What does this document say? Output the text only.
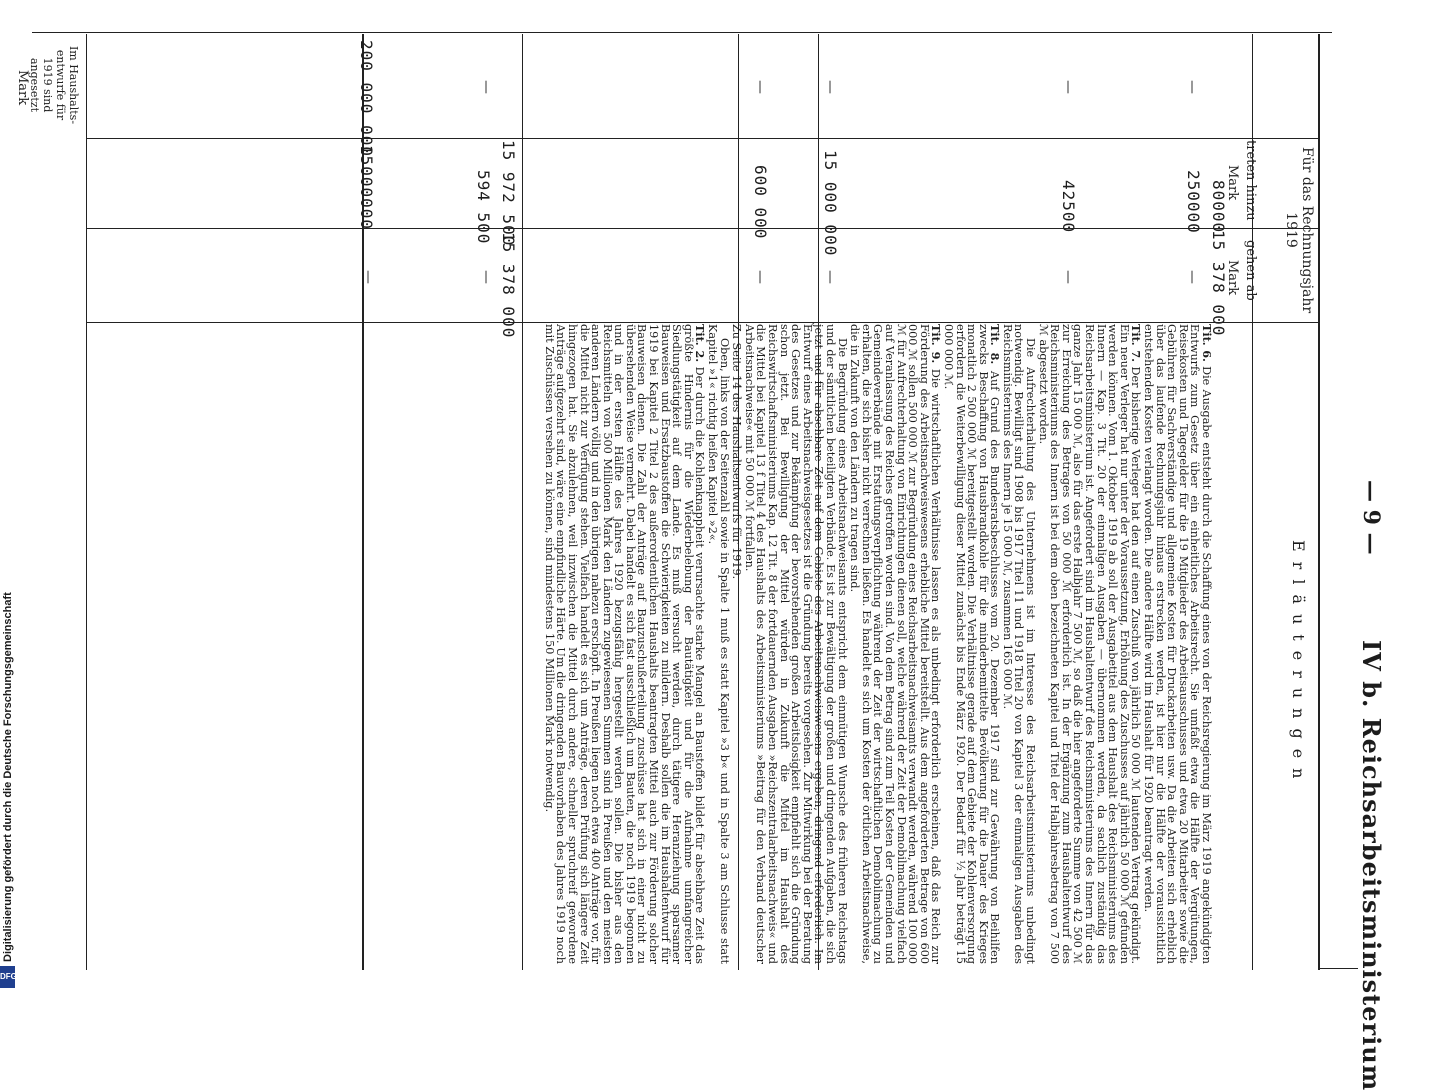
Im Haushalts-entwurfe für 1919 sind angesetzt
Mark
Für das Rechnungsjahr 1919
treten hinzu
Mark
gehen ab
Mark
80000
250000
15 378 000
—
—
42500
—
—
15 000 000
—
—
600 000
—
—
15 972 500
594 500
15 378 000
—
—
200 000 000
15000000
—
— 9 —
IV b. Reichsarbeitsministerium
Erläuterungen

Tit. 6. Die Ausgabe entsteht durch die Schaffung eines von der Reichsregierung im März 1919 angekündigten Entwurfs zum Gesetz über ein einheitliches Arbeitsrecht. Sie umfaßt etwa die Hälfte der Vergütungen, Reisekosten und Tagegelder für die 19 Mitglieder des Arbeitsausschusses und etwa 20 Mitarbeiter sowie die Gebühren für Sachverständige und allgemeine Kosten für Druckarbeiten usw. Da die Arbeiten sich erheblich über das laufende Rechnungsjahr hinaus erstrecken werden, ist hier nur die Hälfte der voraussichtlich entstehenden Kosten verlangt worden. Die andere Hälfte wird im Haushalt für 1920 beantragt werden.

Tit. 7. Der bisherige Verleger hat den auf einen Zuschuß von jährlich 50 000 ℳ lautenden Vertrag gekündigt. Ein neuer Verleger hat nur unter der Voraussetzung, Erhöhung des Zuschusses auf jährlich 50 000 ℳ gefunden werden können. Vom 1. Oktober 1919 ab soll der Ausgabetitel aus dem Haushalt des Reichsministeriums des Innern — Kap. 3 Tit. 20 der einmaligen Ausgaben — übernommen werden, da sachlich zuständig das Reichsarbeitsministerium ist. Angefordert sind im Haushaltentwurf des Reichsministeriums des Innern für das ganze Jahr 15 000 ℳ, also für das erste Halbjahr 7 500 ℳ, so daß die hier angeforderte Summe von 42 500 ℳ zur Erreichung des Betrages von 50 000 ℳ erforderlich ist. In der Ergänzung zum Haushaltentwurf des Reichsministeriums des Innern ist bei dem oben bezeichneten Kapitel und Titel der Halbjahresbetrag von 7 500 ℳ abgesetzt worden.

Die Aufrechterhaltung des Unternehmens ist im Interesse des Reichsarbeitsministeriums unbedingt notwendig. Bewilligt sind 1908 bis 1917 Titel 11 und 1918 Titel 20 von Kapitel 3 der einmaligen Ausgaben des Reichsministeriums des Innern je 15 000 ℳ, zusammen 165 000 ℳ.

Tit. 8. Auf Grund des Bundesratsbeschlusses vom 20. Dezember 1917 sind zur Gewährung von Beihilfen zwecks Beschaffung von Hausbrandkohle für die minderbemittelte Bevölkerung für die Dauer des Krieges monatlich 2 500 000 ℳ bereitgestellt worden. Die Verhältnisse gerade auf dem Gebiete der Kohlenversorgung erfordern die Weiterbewilligung dieser Mittel zunächst bis Ende März 1920. Der Bedarf für ½ Jahr beträgt 15 000 000 ℳ.

Tit. 9. Die wirtschaftlichen Verhältnisse lassen es als unbedingt erforderlich erscheinen, daß das Reich zur Förderung des Arbeitsnachweiswesens erhebliche Mittel bereitstellt. Aus dem angeforderten Betrage von 600 000 ℳ sollen 500 000 ℳ zur Begründung eines Reichsarbeitsnachweisamts verwandt werden, während 100 000 ℳ für Aufrechterhaltung von Einrichtungen dienen soll, welche während der Zeit der Demobilmachung vielfach auf Veranlassung des Reiches getroffen worden sind. Von dem Betrag sind zum Teil Kosten der Gemeinden und Gemeindeverbände mit Erstattungsverpflichtung während der Zeit der wirtschaftlichen Demobilmachung zu erhalten, die sich bisher nicht verrechnen ließen. Es handelt es sich um Kosten der örtlichen Arbeitsnachweise, die in Zukunft von den Ländern zu tragen sind.

Die Begründung eines Arbeitsnachweisamts entspricht dem einmütigen Wunsche des früheren Reichstags und der sämtlichen beteiligten Verbände. Es ist zur Bewältigung der großen und dringenden Aufgaben, die sich jetzt und für absehbare Zeit auf dem Gebiete des Arbeitsnachweiswesens ergeben, dringend erforderlich. Im Entwurf eines Arbeitsnachweisgesetzes ist die Gründung bereits vorgesehen. Zur Mitwirkung bei der Beratung des Gesetzes und zur Bekämpfung der bevorstehenden großen Arbeitslosigkeit empfiehlt sich die Gründung schon jetzt. Bei Bewilligung der Mittel würden in Zukunft die Mittel im Haushalt des Reichswirtschaftsministeriums Kap. 12 Tit. 8 der fortdauernden Ausgaben »Reichszentralarbeitsnachweis« und die Mittel bei Kapitel 13 f Titel 4 des Haushalts des Arbeitsministeriums »Beitrag für den Verband deutscher Arbeitsnachweise« mit 50 000 ℳ fortfallen.

Zu Seite 14 des Haushaltsentwurfs für 1919.

Oben, links von der Seitenzahl sowie in Spalte 1 muß es statt Kapitel »3 b« und in Spalte 3 am Schlusse statt Kapitel »1« richtig heißen Kapitel »2«.

Tit. 2. Der durch die Kohlenknappheit verursachte starke Mangel an Baustoffen bildet für absehbare Zeit das größte Hindernis für die Wiederbelebung der Bautätigkeit und für die Aufnahme umfangreicher Siedlungstätigkeit auf dem Lande. Es muß versucht werden, durch tätigere Heranziehung sparsamer Bauweisen und Ersatzbaustoffen die Schwierigkeiten zu mildern. Deshalb sollen die im Haushaltentwurf für 1919 bei Kapitel 2 Titel 2 des außerordentlichen Haushalts beantragten Mittel auch zur Förderung solcher Bauweisen dienen. Die Zahl der Anträge auf Bauzuschußerteilung zuschüsse hat sich in einer nicht zu übersehenden Weise vermehrt. Dabei handelt es sich fast ausschließlich um Bauten, die noch 1919 begonnen und in der ersten Hälfte des Jahres 1920 bezugsfähig hergestellt werden sollen. Die bisher aus den Reichsmitteln von 500 Millionen Mark den Ländern zugewiesenen Summen sind in Preußen und den meisten anderen Ländern völlig und in den übrigen nahezu erschöpft. In Preußen liegen noch etwa 400 Anträge vor, für die Mittel nicht zur Verfügung stehen. Vielfach handelt es sich um Anträge, deren Prüfung sich längere Zeit hingezogen hat. Sie abzulehnen, weil inzwischen die Mittel durch andere, schneller spruchreif gewordene Anträge aufgezehrt sind, wäre eine empfindliche Härte. Um die dringenden Bauvorhaben des Jahres 1919 noch mit Zuschüssen versehen zu können, sind mindestens 150 Millionen Mark notwendig.

Digitalisierung gefördert durch die Deutsche Forschungsgemeinschaft
DFG
